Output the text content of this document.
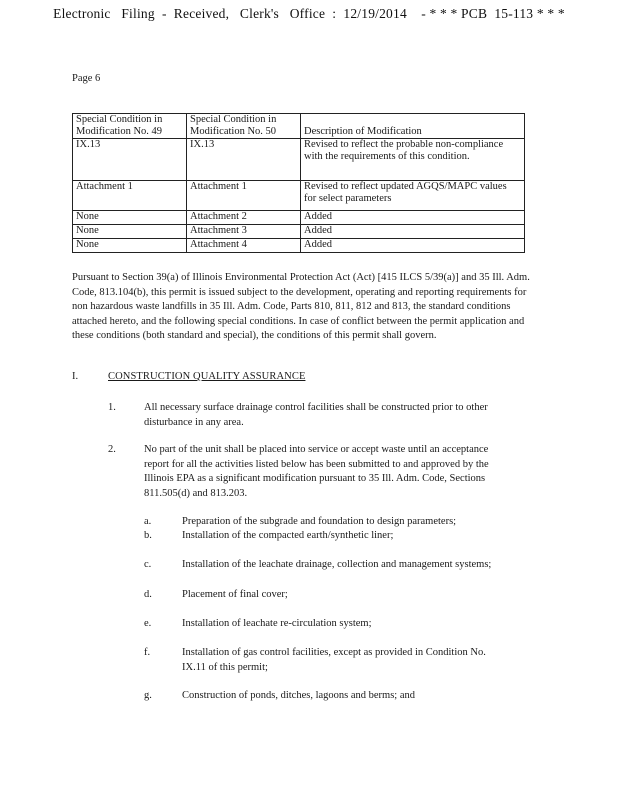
Electronic   Filing  -  Received,   Clerk's   Office  :  12/19/2014    - * * * PCB  15-113 * * *
Page 6
Special Condition in Modification No. 49	Special Condition in Modification No. 50	Description of Modification
IX.13	IX.13	Revised to reflect the probable non-compliance with the requirements of this condition.
Attachment 1	Attachment 1	Revised to reflect updated AGQS/MAPC values for select parameters
None	Attachment 2	Added
None	Attachment 3	Added
None	Attachment 4	Added
Pursuant to Section 39(a) of Illinois Environmental Protection Act (Act) [415 ILCS 5/39(a)] and 35 Ill. Adm. Code, 813.104(b), this permit is issued subject to the development, operating and reporting requirements for non hazardous waste landfills in 35 Ill. Adm. Code, Parts 810, 811, 812 and 813, the standard conditions attached hereto, and the following special conditions. In case of conflict between the permit application and these conditions (both standard and special), the conditions of this permit shall govern.
I.	CONSTRUCTION QUALITY ASSURANCE
1.	All necessary surface drainage control facilities shall be constructed prior to other disturbance in any area.
2.	No part of the unit shall be placed into service or accept waste until an acceptance report for all the activities listed below has been submitted to and approved by the Illinois EPA as a significant modification pursuant to 35 Ill. Adm. Code, Sections 811.505(d) and 813.203.
a.	Preparation of the subgrade and foundation to design parameters;
b.	Installation of the compacted earth/synthetic liner;
c.	Installation of the leachate drainage, collection and management systems;
d.	Placement of final cover;
e.	Installation of leachate re-circulation system;
f.	Installation of gas control facilities, except as provided in Condition No. IX.11 of this permit;
g.	Construction of ponds, ditches, lagoons and berms; and
